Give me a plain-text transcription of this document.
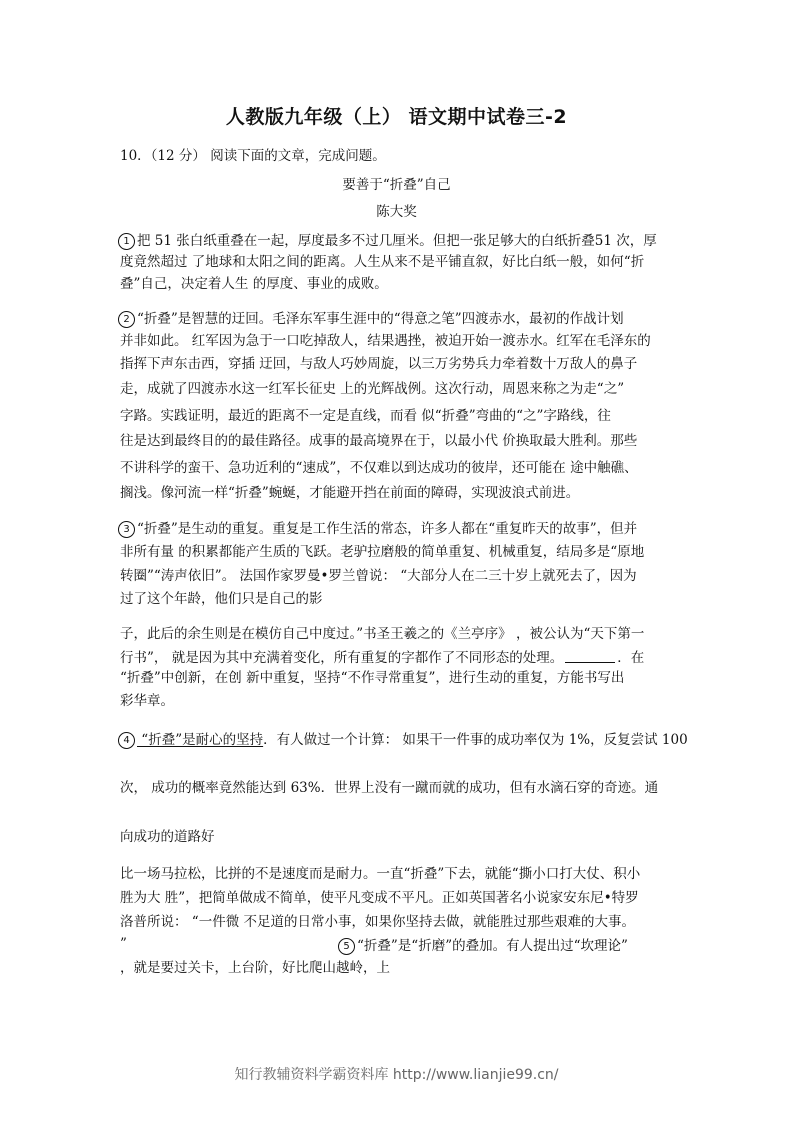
人教版九年级（上） 语文期中试卷三-2
10．（12 分） 阅读下面的文章，完成问题。
要善于“折叠”自己
陈大奖
1 把 51 张白纸重叠在一起，厚度最多不过几厘米。但把一张足够大的白纸折叠51 次，厚
度竟然超过 了地球和太阳之间的距离。人生从来不是平铺直叙，好比白纸一般，如何“折
叠”自己，决定着人生 的厚度、事业的成败。
2 “折叠”是智慧的迂回。毛泽东军事生涯中的“得意之笔”四渡赤水，最初的作战计划
并非如此。 红军因为急于一口吃掉敌人，结果遇挫，被迫开始一渡赤水。红军在毛泽东的
指挥下声东击西，穿插 迂回，与敌人巧妙周旋，以三万劣势兵力牵着数十万敌人的鼻子
走，成就了四渡赤水这一红军长征史 上的光辉战例。这次行动，周恩来称之为走“之”
字路。实践证明，最近的距离不一定是直线，而看 似“折叠”弯曲的“之”字路线，往
往是达到最终目的的最佳路径。成事的最高境界在于，以最小代 价换取最大胜利。那些
不讲科学的蛮干、急功近利的“速成”，不仅难以到达成功的彼岸，还可能在 途中触礁、
搁浅。像河流一样“折叠”蜿蜒，才能避开挡在前面的障碍，实现波浪式前进。
3 “折叠”是生动的重复。重复是工作生活的常态，许多人都在“重复昨天的故事”，但并
非所有量 的积累都能产生质的飞跃。老驴拉磨般的简单重复、机械重复，结局多是“原地
转圈”“涛声依旧”。 法国作家罗曼•罗兰曾说： “大部分人在二三十岁上就死去了，因为
过了这个年龄，他们只是自己的影
子，此后的余生则是在模仿自己中度过。”书圣王羲之的《兰亭序》 ，被公认为“天下第一
行书”， 就是因为其中充满着变化，所有重复的字都作了不同形态的处理。	．在
“折叠”中创新，在创 新中重复，坚持“不作寻常重复”，进行生动的重复，方能书写出
彩华章。
4 “折叠”是耐心的坚持．有人做过一个计算： 如果干一件事的成功率仅为 1%，反复尝试 100
次， 成功的概率竟然能达到 63%．世界上没有一蹴而就的成功，但有水滴石穿的奇迹。通
向成功的道路好
比一场马拉松，比拼的不是速度而是耐力。一直“折叠”下去，就能“撕小口打大仗、积小
胜为大 胜”，把简单做成不简单，使平凡变成不平凡。正如英国著名小说家安东尼•特罗
洛普所说： “一件微 不足道的日常小事，如果你坚持去做，就能胜过那些艰难的大事。
”	5 “折叠”是“折磨”的叠加。有人提出过“坎理论”
，就是要过关卡，上台阶，好比爬山越岭，上
知行教辅资料学霸资料库 http://www.lianjie99.cn/
